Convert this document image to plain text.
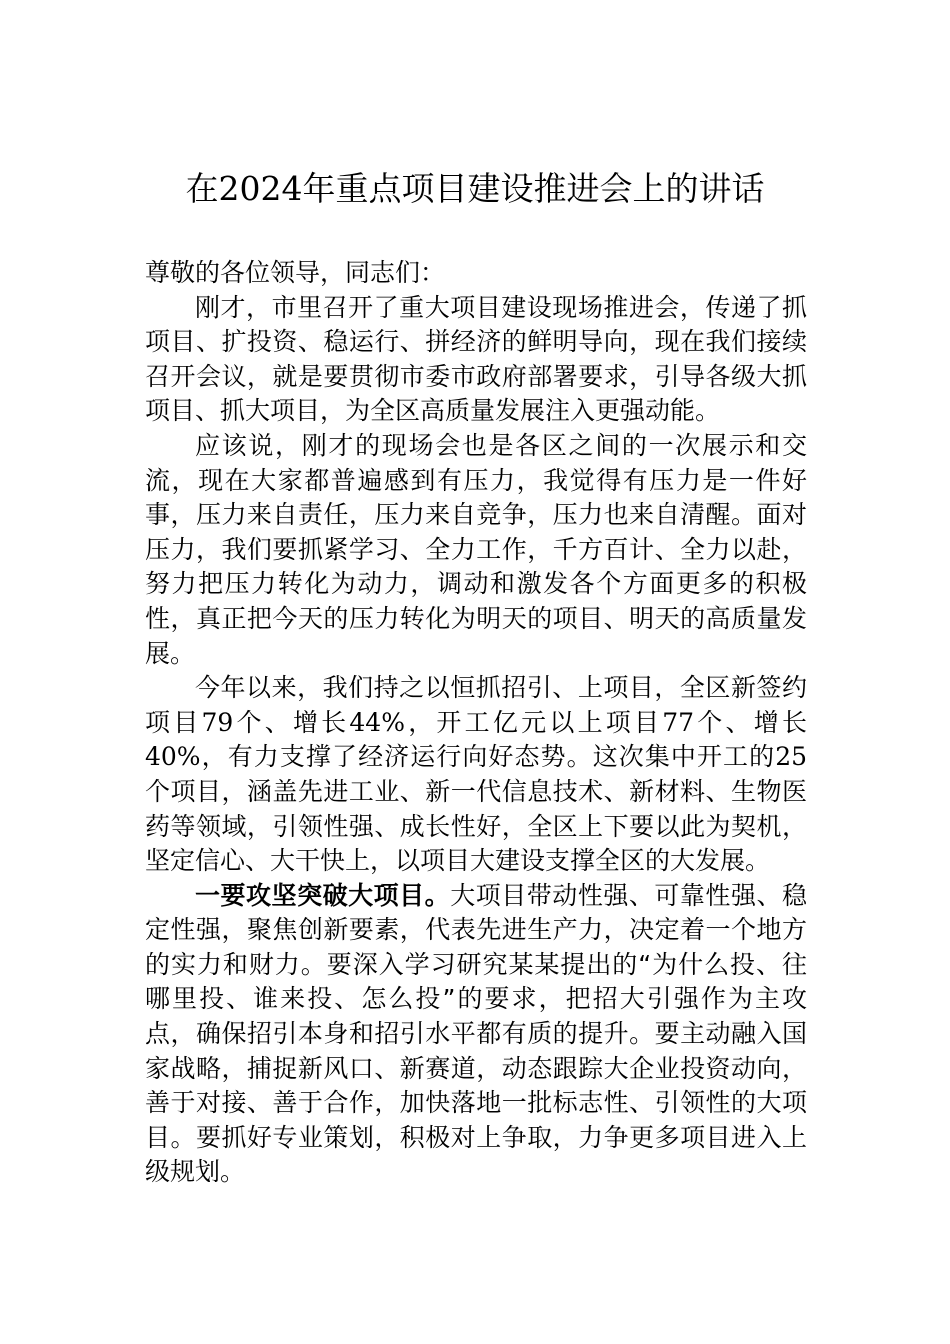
在2024年重点项目建设推进会上的讲话

尊敬的各位领导，同志们：

刚才，市里召开了重大项目建设现场推进会，传递了抓项目、扩投资、稳运行、拼经济的鲜明导向，现在我们接续召开会议，就是要贯彻市委市政府部署要求，引导各级大抓项目、抓大项目，为全区高质量发展注入更强动能。

应该说，刚才的现场会也是各区之间的一次展示和交流，现在大家都普遍感到有压力，我觉得有压力是一件好事，压力来自责任，压力来自竞争，压力也来自清醒。面对压力，我们要抓紧学习、全力工作，千方百计、全力以赴，努力把压力转化为动力，调动和激发各个方面更多的积极性，真正把今天的压力转化为明天的项目、明天的高质量发展。

今年以来，我们持之以恒抓招引、上项目，全区新签约项目79个、增长44%，开工亿元以上项目77个、增长40%，有力支撑了经济运行向好态势。这次集中开工的25个项目，涵盖先进工业、新一代信息技术、新材料、生物医药等领域，引领性强、成长性好，全区上下要以此为契机，坚定信心、大干快上，以项目大建设支撑全区的大发展。

一要攻坚突破大项目。大项目带动性强、可靠性强、稳定性强，聚焦创新要素，代表先进生产力，决定着一个地方的实力和财力。要深入学习研究某某提出的“为什么投、往哪里投、谁来投、怎么投”的要求，把招大引强作为主攻点，确保招引本身和招引水平都有质的提升。要主动融入国家战略，捕捉新风口、新赛道，动态跟踪大企业投资动向，善于对接、善于合作，加快落地一批标志性、引领性的大项目。要抓好专业策划，积极对上争取，力争更多项目进入上级规划。
